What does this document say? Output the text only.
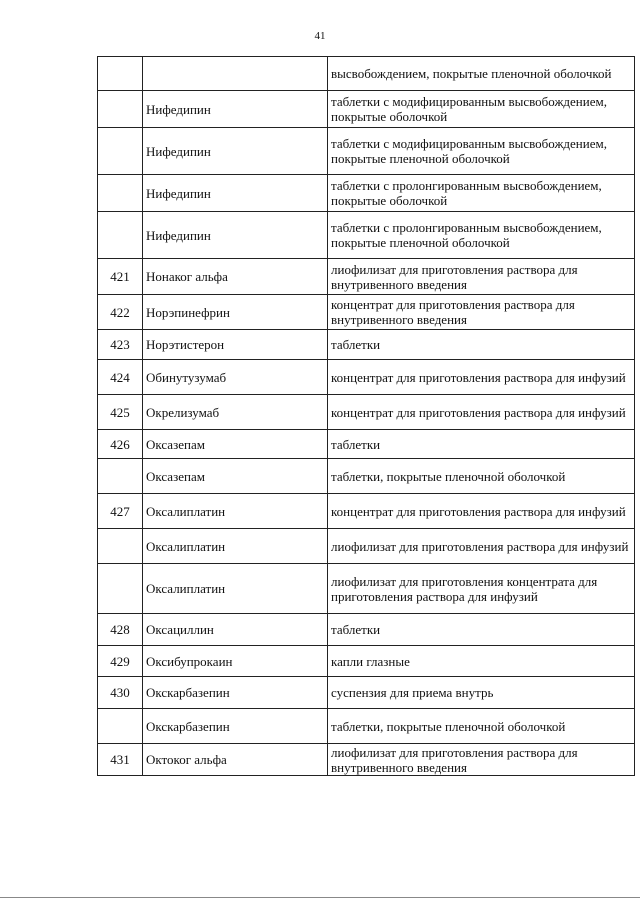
41
		высвобождением, покрытые пленочной оболочкой
	Нифедипин	таблетки с модифицированным высвобождением, покрытые оболочкой
	Нифедипин	таблетки с модифицированным высвобождением, покрытые пленочной оболочкой
	Нифедипин	таблетки с пролонгированным высвобождением, покрытые оболочкой
	Нифедипин	таблетки с пролонгированным высвобождением, покрытые пленочной оболочкой
421	Нонаког альфа	лиофилизат для приготовления раствора для внутривенного введения
422	Норэпинефрин	концентрат для приготовления раствора для внутривенного введения
423	Норэтистерон	таблетки
424	Обинутузумаб	концентрат для приготовления раствора для инфузий
425	Окрелизумаб	концентрат для приготовления раствора для инфузий
426	Оксазепам	таблетки
	Оксазепам	таблетки, покрытые пленочной оболочкой
427	Оксалиплатин	концентрат для приготовления раствора для инфузий
	Оксалиплатин	лиофилизат для приготовления раствора для инфузий
	Оксалиплатин	лиофилизат для приготовления концентрата для приготовления раствора для инфузий
428	Оксациллин	таблетки
429	Оксибупрокаин	капли глазные
430	Окскарбазепин	суспензия для приема внутрь
	Окскарбазепин	таблетки, покрытые пленочной оболочкой
431	Октоког альфа	лиофилизат для приготовления раствора для внутривенного введения
